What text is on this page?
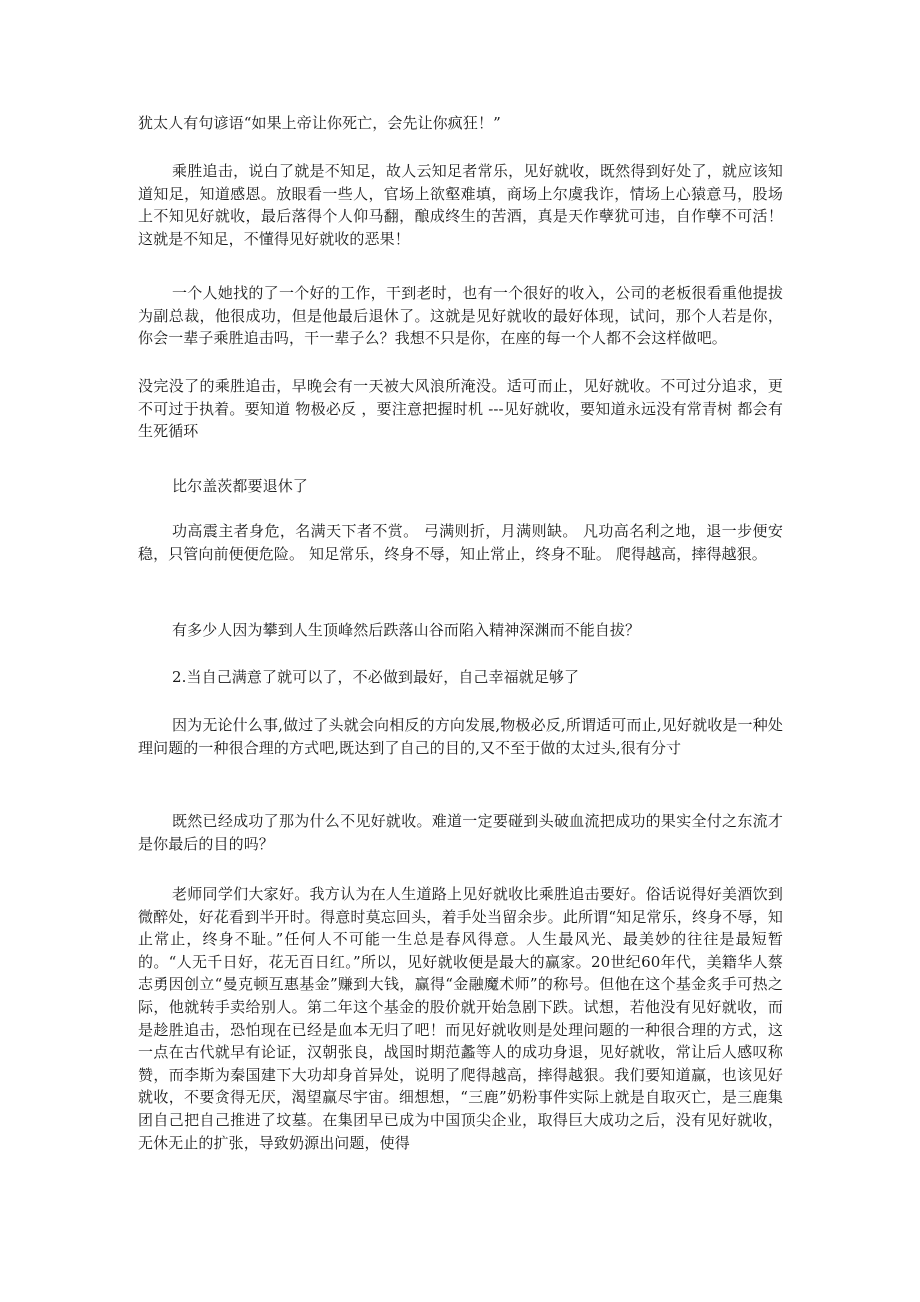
犹太人有句谚语“如果上帝让你死亡，会先让你疯狂！”

乘胜追击，说白了就是不知足，故人云知足者常乐，见好就收，既然得到好处了，就应该知道知足，知道感恩。放眼看一些人，官场上欲壑难填，商场上尔虞我诈，情场上心猿意马，股场上不知见好就收，最后落得个人仰马翻，酿成终生的苦酒，真是天作孽犹可违，自作孽不可活！这就是不知足，不懂得见好就收的恶果！

一个人她找的了一个好的工作，干到老时，也有一个很好的收入，公司的老板很看重他提拔为副总裁，他很成功，但是他最后退休了。这就是见好就收的最好体现，试问，那个人若是你，你会一辈子乘胜追击吗，干一辈子么？我想不只是你，在座的每一个人都不会这样做吧。

没完没了的乘胜追击，早晚会有一天被大风浪所淹没。适可而止，见好就收。不可过分追求，更不可过于执着。要知道 物极必反 ，要注意把握时机 ---见好就收，要知道永远没有常青树 都会有生死循环

比尔盖茨都要退休了

功高震主者身危，名满天下者不赏。 弓满则折，月满则缺。 凡功高名利之地，退一步便安稳，只管向前便便危险。 知足常乐，终身不辱，知止常止，终身不耻。 爬得越高，摔得越狠。

有多少人因为攀到人生顶峰然后跌落山谷而陷入精神深渊而不能自拔？

2.当自己满意了就可以了，不必做到最好，自己幸福就足够了

因为无论什么事,做过了头就会向相反的方向发展,物极必反,所谓适可而止,见好就收是一种处理问题的一种很合理的方式吧,既达到了自己的目的,又不至于做的太过头,很有分寸

既然已经成功了那为什么不见好就收。难道一定要碰到头破血流把成功的果实全付之东流才是你最后的目的吗？

老师同学们大家好。我方认为在人生道路上见好就收比乘胜追击要好。俗话说得好美酒饮到微醉处，好花看到半开时。得意时莫忘回头，着手处当留余步。此所谓“知足常乐，终身不辱，知止常止，终身不耻。”任何人不可能一生总是春风得意。人生最风光、最美妙的往往是最短暂的。“人无千日好，花无百日红。”所以，见好就收便是最大的赢家。20世纪60年代，美籍华人蔡志勇因创立“曼克顿互惠基金”赚到大钱，赢得“金融魔术师”的称号。但他在这个基金炙手可热之际，他就转手卖给别人。第二年这个基金的股价就开始急剧下跌。试想，若他没有见好就收，而是趁胜追击，恐怕现在已经是血本无归了吧！而见好就收则是处理问题的一种很合理的方式，这一点在古代就早有论证，汉朝张良，战国时期范蠡等人的成功身退，见好就收，常让后人感叹称赞，而李斯为秦国建下大功却身首异处，说明了爬得越高，摔得越狠。我们要知道赢，也该见好就收，不要贪得无厌，渴望赢尽宇宙。细想想，“三鹿”奶粉事件实际上就是自取灭亡，是三鹿集团自己把自己推进了坟墓。在集团早已成为中国顶尖企业，取得巨大成功之后，没有见好就收，无休无止的扩张，导致奶源出问题，使得
